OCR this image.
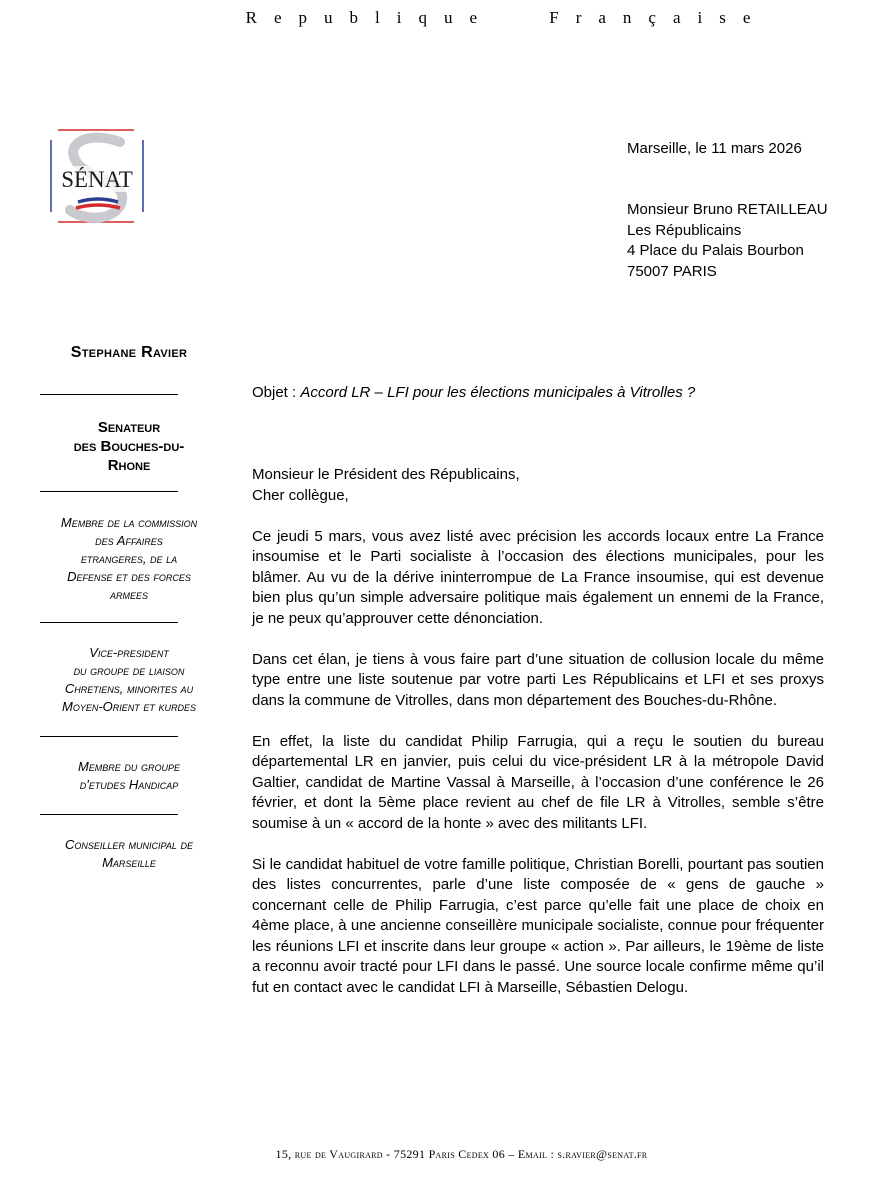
Republique Française
SÉNAT
Marseille, le 11 mars 2026
Monsieur Bruno RETAILLEAU
Les Républicains
4 Place du Palais Bourbon
75007 PARIS
Stephane Ravier
Senateur
des Bouches-du-
Rhone
Membre de la commission
des Affaires
etrangeres, de la
Defense et des forces
armees
Vice-president
du groupe de liaison
Chretiens, minorites au
Moyen-Orient et kurdes
Membre du groupe
d'etudes Handicap
Conseiller municipal de
Marseille
Objet : Accord LR – LFI pour les élections municipales à Vitrolles ?

Monsieur le Président des Républicains,

Cher collègue,

Ce jeudi 5 mars, vous avez listé avec précision les accords locaux entre La France insoumise et le Parti socialiste à l’occasion des élections municipales, pour les blâmer. Au vu de la dérive ininterrompue de La France insoumise, qui est devenue bien plus qu’un simple adversaire politique mais également un ennemi de la France, je ne peux qu’approuver cette dénonciation.

Dans cet élan, je tiens à vous faire part d’une situation de collusion locale du même type entre une liste soutenue par votre parti Les Républicains et LFI et ses proxys dans la commune de Vitrolles, dans mon département des Bouches-du-Rhône.

En effet, la liste du candidat Philip Farrugia, qui a reçu le soutien du bureau départemental LR en janvier, puis celui du vice-président LR à la métropole David Galtier, candidat de Martine Vassal à Marseille, à l’occasion d’une conférence le 26 février, et dont la 5ème place revient au chef de file LR à Vitrolles, semble s’être soumise à un « accord de la honte » avec des militants LFI.

Si le candidat habituel de votre famille politique, Christian Borelli, pourtant pas soutien des listes concurrentes, parle d’une liste composée de « gens de gauche » concernant celle de Philip Farrugia, c’est parce qu’elle fait une place de choix en 4ème place, à une ancienne conseillère municipale socialiste, connue pour fréquenter les réunions LFI et inscrite dans leur groupe « action ». Par ailleurs, le 19ème de liste a reconnu avoir tracté pour LFI dans le passé. Une source locale confirme même qu’il fut en contact avec le candidat LFI à Marseille, Sébastien Delogu.

15, rue de Vaugirard - 75291 Paris Cedex 06 – Email : s.ravier@senat.fr
